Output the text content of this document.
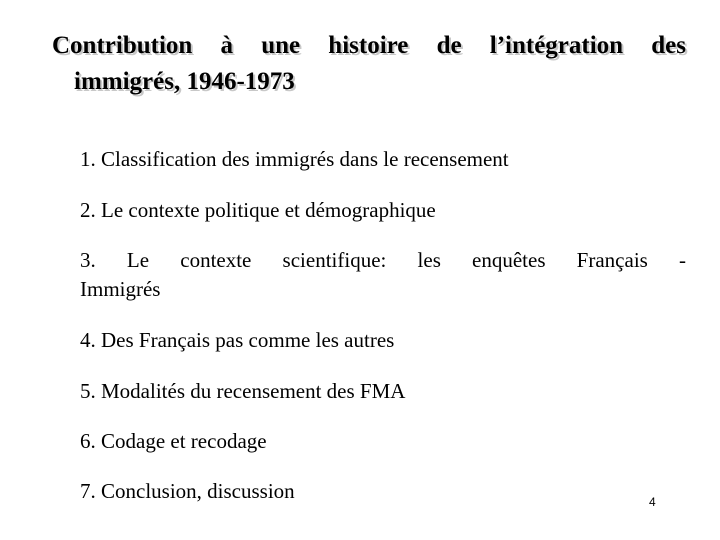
Contribution à une histoire de l’intégration des
immigrés, 1946-1973
1. Classification des immigrés dans le recensement
2. Le contexte politique et démographique
3. Le contexte scientifique: les enquêtes Français -
Immigrés
4. Des Français pas comme les autres
5. Modalités du recensement des FMA
6. Codage et recodage
7. Conclusion, discussion	4
